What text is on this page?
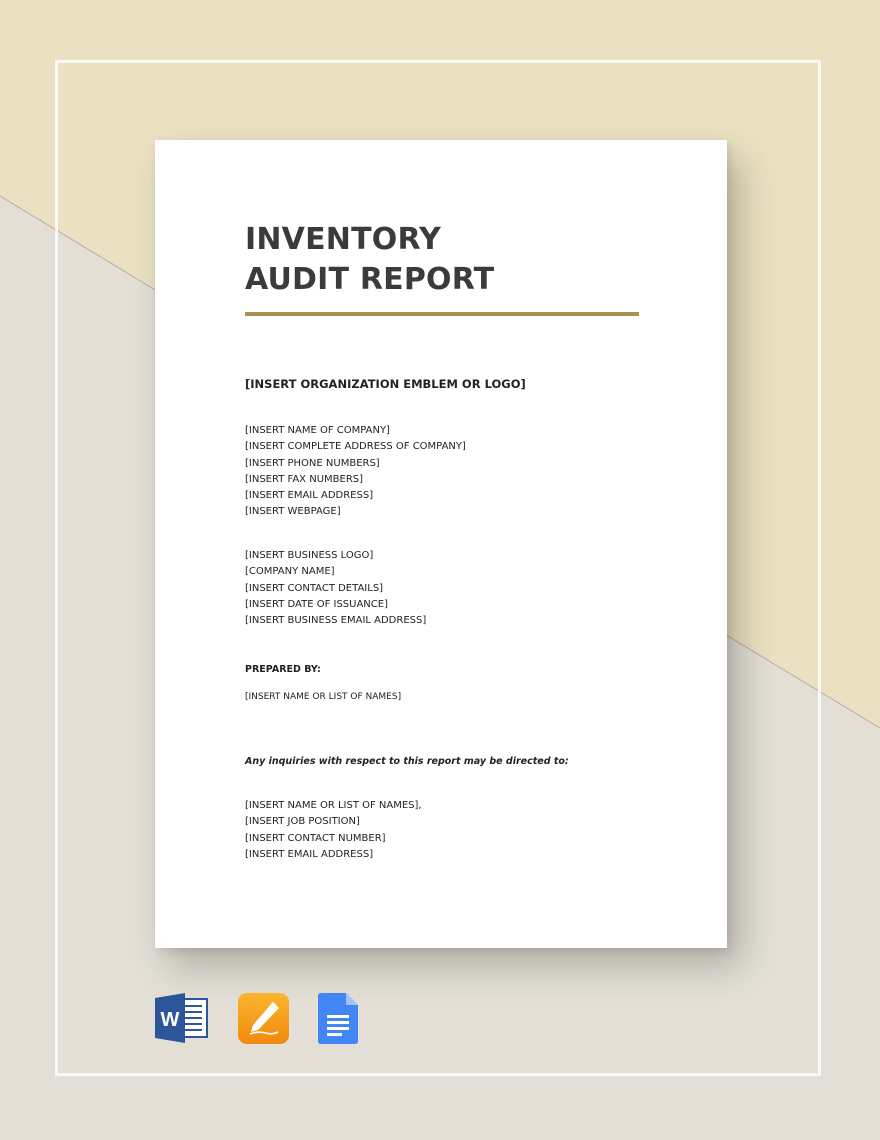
INVENTORY
AUDIT REPORT

[INSERT ORGANIZATION EMBLEM OR LOGO]

[INSERT NAME OF COMPANY]
[INSERT COMPLETE ADDRESS OF COMPANY]
[INSERT PHONE NUMBERS]
[INSERT FAX NUMBERS]
[INSERT EMAIL ADDRESS]
[INSERT WEBPAGE]

[INSERT BUSINESS LOGO]
[COMPANY NAME]
[INSERT CONTACT DETAILS]
[INSERT DATE OF ISSUANCE]
[INSERT BUSINESS EMAIL ADDRESS]

PREPARED BY:

[INSERT NAME OR LIST OF NAMES]

Any inquiries with respect to this report may be directed to:

[INSERT NAME OR LIST OF NAMES],
[INSERT JOB POSITION]
[INSERT CONTACT NUMBER]
[INSERT EMAIL ADDRESS]

W
